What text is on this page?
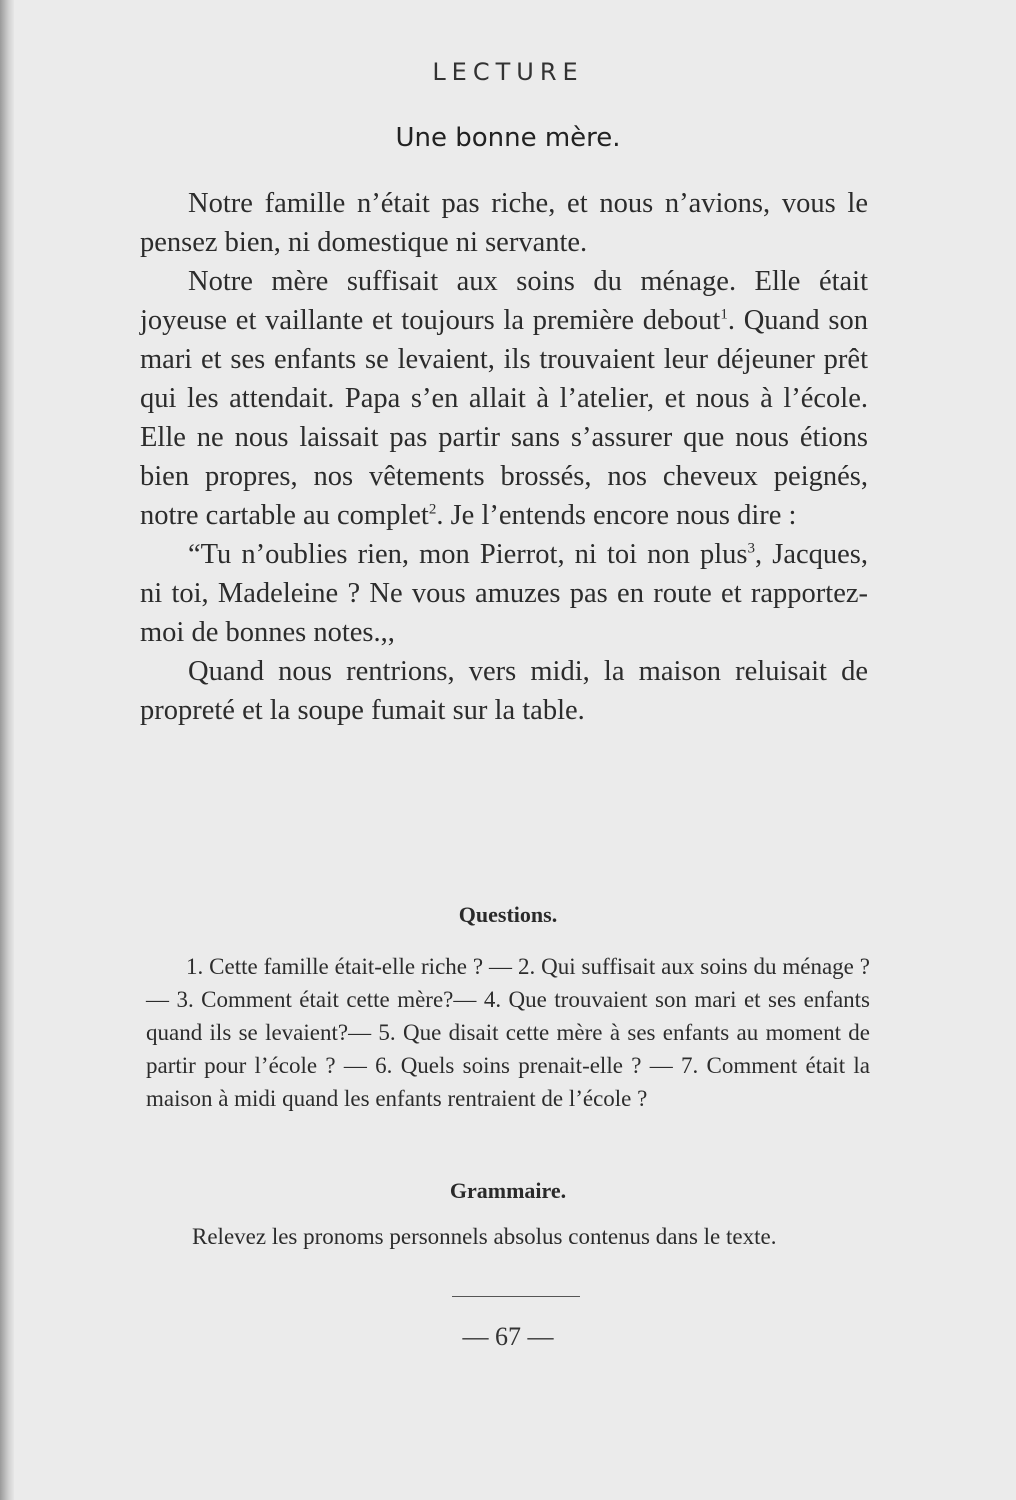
LECTURE
Une bonne mère.

Notre famille n’était pas riche, et nous n’avions, vous le pensez bien, ni domestique ni servante.

Notre mère suffisait aux soins du ménage. Elle était joyeuse et vaillante et toujours la première debout$^1$. Quand son mari et ses enfants se levaient, ils trouvaient leur déjeuner prêt qui les attendait. Papa s’en allait à l’atelier, et nous à l’école. Elle ne nous laissait pas partir sans s’assurer que nous étions bien propres, nos vêtements brossés, nos cheveux peignés, notre cartable au complet$^2$. Je l’entends encore nous dire :

“Tu n’oublies rien, mon Pierrot, ni toi non plus$^3$, Jacques, ni toi, Madeleine ? Ne vous amuzes pas en route et rapportez-moi de bonnes notes.,,

Quand nous rentrions, vers midi, la maison reluisait de propreté et la soupe fumait sur la table.

Questions.

1. Cette famille était-elle riche ? — 2. Qui suffisait aux soins du ménage ?— 3. Comment était cette mère?— 4. Que trouvaient son mari et ses enfants quand ils se levaient?— 5. Que disait cette mère à ses enfants au moment de partir pour l’école ? — 6. Quels soins prenait-elle ? — 7. Comment était la maison à midi quand les enfants rentraient de l’école ?

Grammaire.

Relevez les pronoms personnels absolus contenus dans le texte.

— 67 —
